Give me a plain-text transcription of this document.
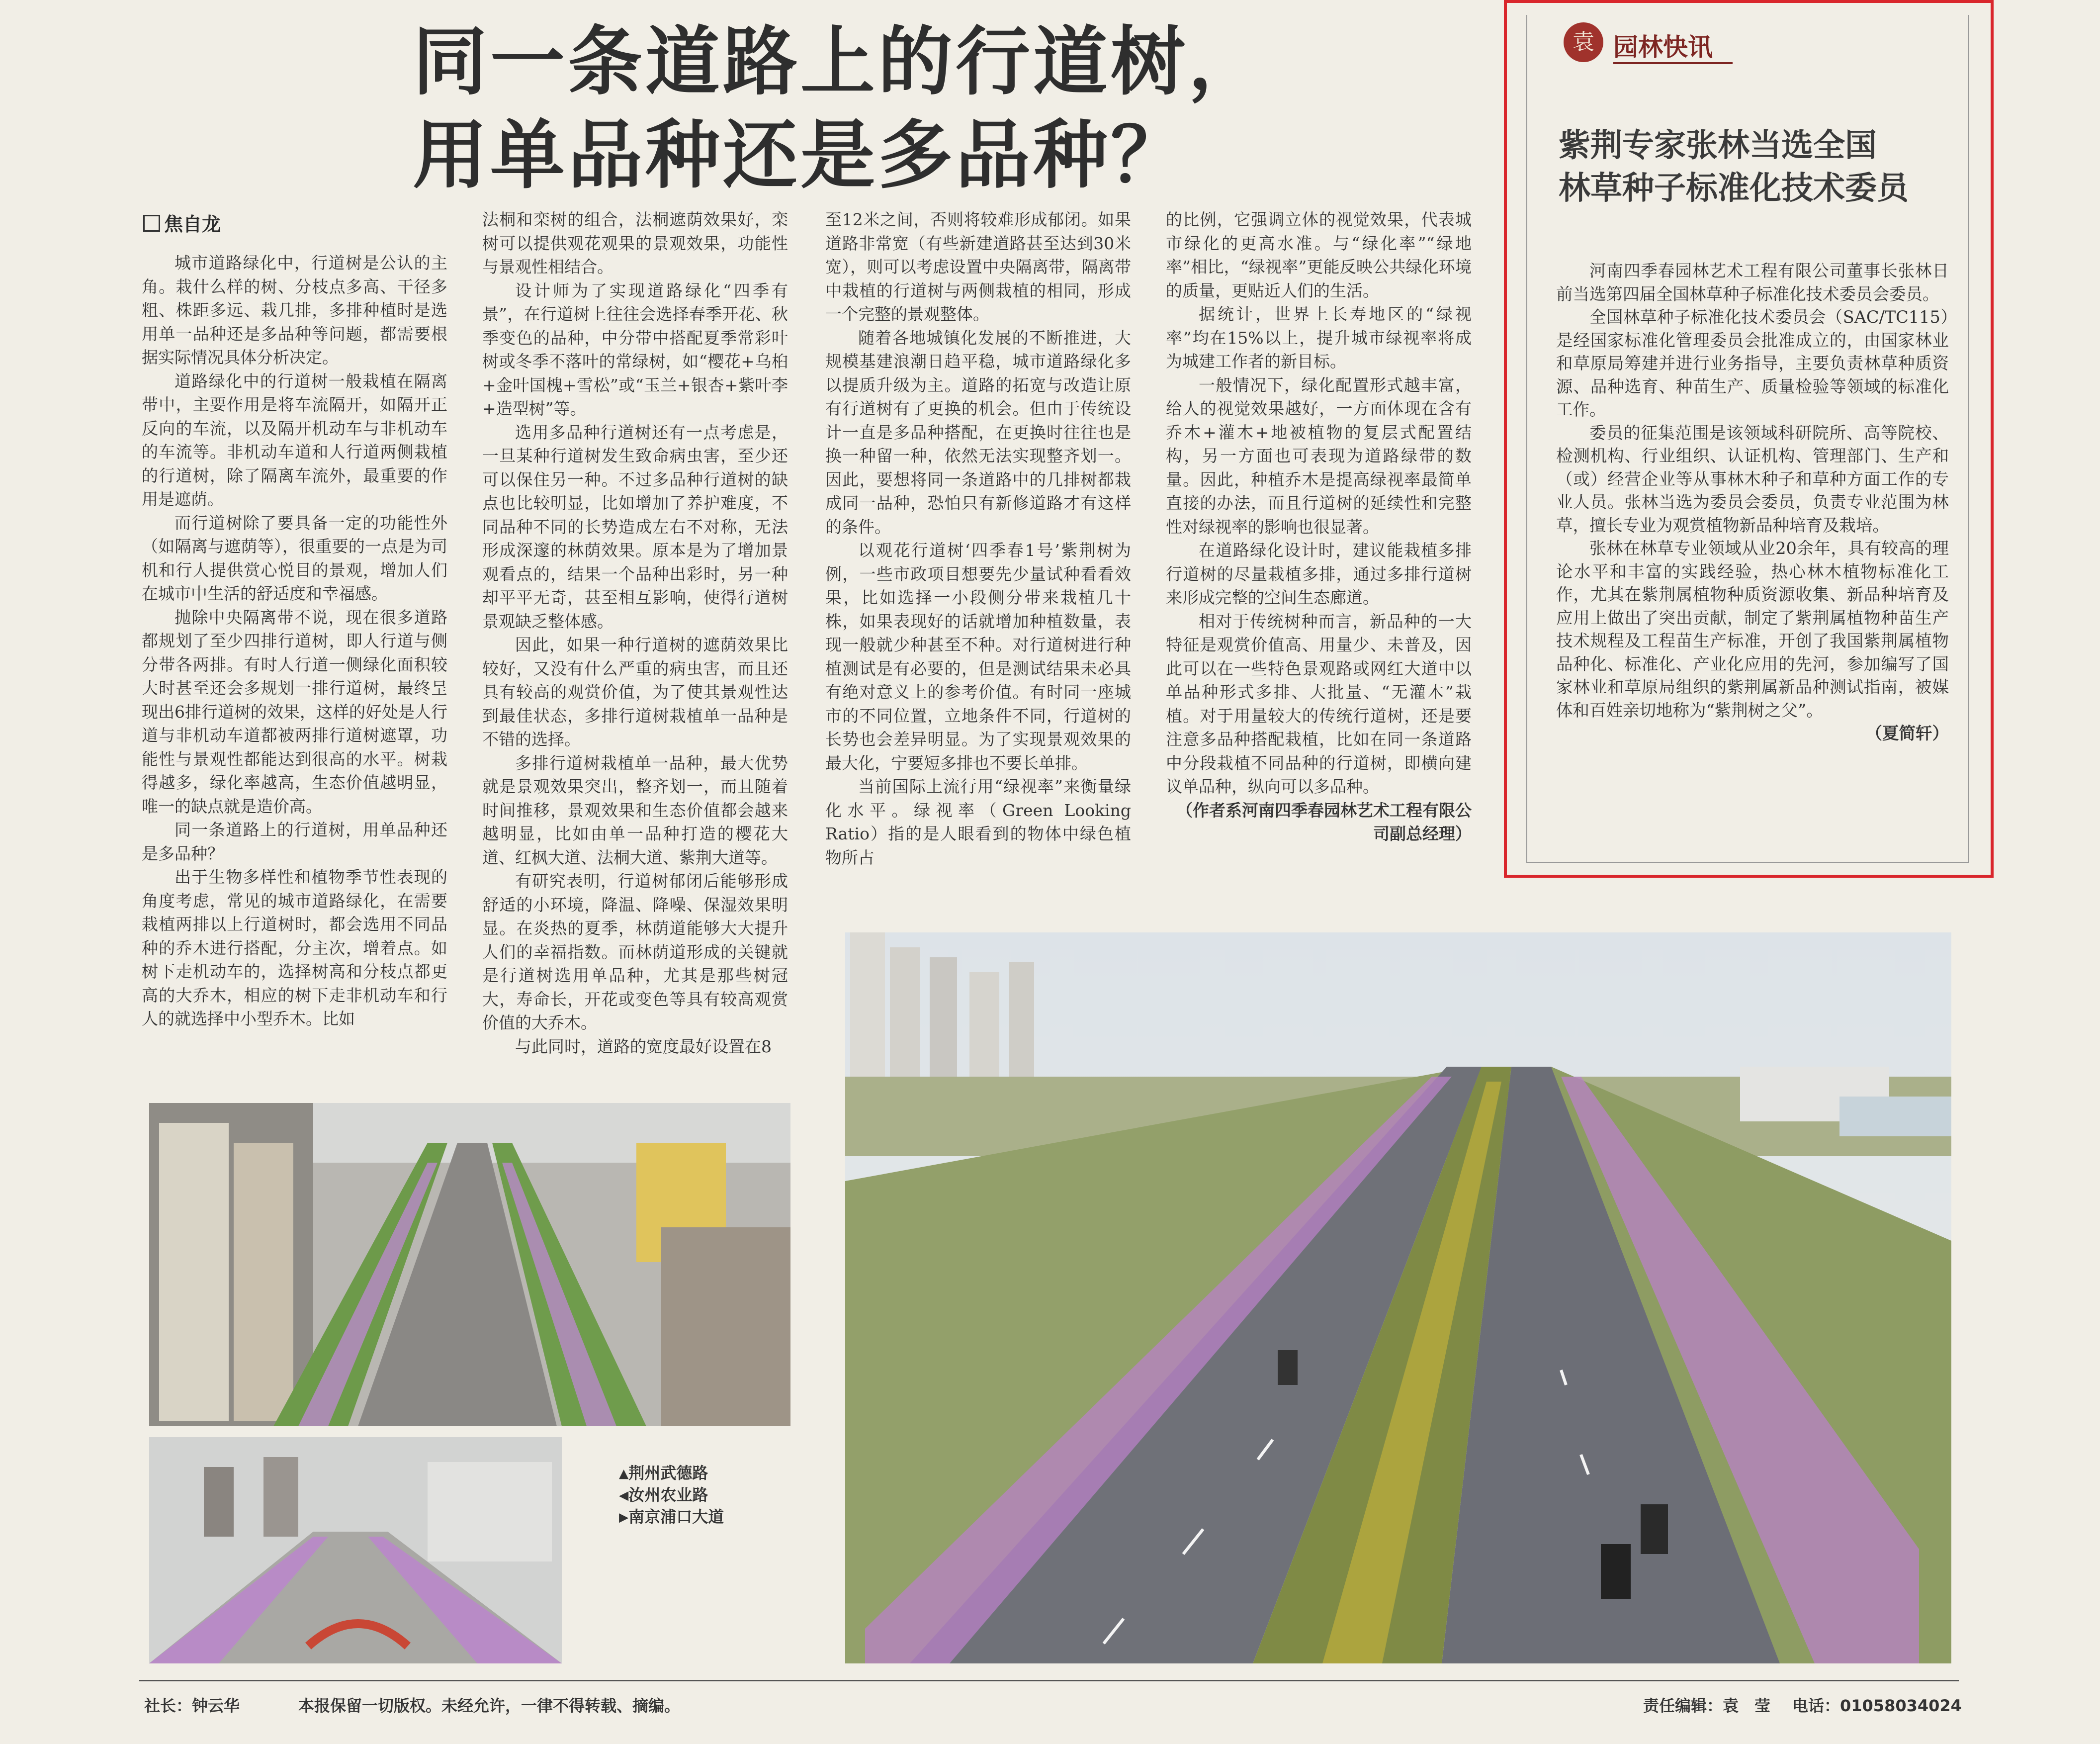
同一条道路上的行道树，
用单品种还是多品种？
焦自龙

城市道路绿化中，行道树是公认的主角。栽什么样的树、分枝点多高、干径多粗、株距多远、栽几排，多排种植时是选用单一品种还是多品种等问题，都需要根据实际情况具体分析决定。

道路绿化中的行道树一般栽植在隔离带中，主要作用是将车流隔开，如隔开正反向的车流，以及隔开机动车与非机动车的车流等。非机动车道和人行道两侧栽植的行道树，除了隔离车流外，最重要的作用是遮荫。

而行道树除了要具备一定的功能性外（如隔离与遮荫等），很重要的一点是为司机和行人提供赏心悦目的景观，增加人们在城市中生活的舒适度和幸福感。

抛除中央隔离带不说，现在很多道路都规划了至少四排行道树，即人行道与侧分带各两排。有时人行道一侧绿化面积较大时甚至还会多规划一排行道树，最终呈现出6排行道树的效果，这样的好处是人行道与非机动车道都被两排行道树遮罩，功能性与景观性都能达到很高的水平。树栽得越多，绿化率越高，生态价值越明显，唯一的缺点就是造价高。

同一条道路上的行道树，用单品种还是多品种？

出于生物多样性和植物季节性表现的角度考虑，常见的城市道路绿化，在需要栽植两排以上行道树时，都会选用不同品种的乔木进行搭配，分主次，增着点。如树下走机动车的，选择树高和分枝点都更高的大乔木，相应的树下走非机动车和行人的就选择中小型乔木。比如

法桐和栾树的组合，法桐遮荫效果好，栾树可以提供观花观果的景观效果，功能性与景观性相结合。

设计师为了实现道路绿化“四季有景”，在行道树上往往会选择春季开花、秋季变色的品种，中分带中搭配夏季常彩叶树或冬季不落叶的常绿树，如“樱花+乌桕+金叶国槐+雪松”或“玉兰+银杏+紫叶李+造型树”等。

选用多品种行道树还有一点考虑是，一旦某种行道树发生致命病虫害，至少还可以保住另一种。不过多品种行道树的缺点也比较明显，比如增加了养护难度，不同品种不同的长势造成左右不对称，无法形成深邃的林荫效果。原本是为了增加景观看点的，结果一个品种出彩时，另一种却平平无奇，甚至相互影响，使得行道树景观缺乏整体感。

因此，如果一种行道树的遮荫效果比较好，又没有什么严重的病虫害，而且还具有较高的观赏价值，为了使其景观性达到最佳状态，多排行道树栽植单一品种是不错的选择。

多排行道树栽植单一品种，最大优势就是景观效果突出，整齐划一，而且随着时间推移，景观效果和生态价值都会越来越明显，比如由单一品种打造的樱花大道、红枫大道、法桐大道、紫荆大道等。

有研究表明，行道树郁闭后能够形成舒适的小环境，降温、降噪、保湿效果明显。在炎热的夏季，林荫道能够大大提升人们的幸福指数。而林荫道形成的关键就是行道树选用单品种，尤其是那些树冠大，寿命长，开花或变色等具有较高观赏价值的大乔木。

与此同时，道路的宽度最好设置在8

至12米之间，否则将较难形成郁闭。如果道路非常宽（有些新建道路甚至达到30米宽），则可以考虑设置中央隔离带，隔离带中栽植的行道树与两侧栽植的相同，形成一个完整的景观整体。

随着各地城镇化发展的不断推进，大规模基建浪潮日趋平稳，城市道路绿化多以提质升级为主。道路的拓宽与改造让原有行道树有了更换的机会。但由于传统设计一直是多品种搭配，在更换时往往也是换一种留一种，依然无法实现整齐划一。因此，要想将同一条道路中的几排树都栽成同一品种，恐怕只有新修道路才有这样的条件。

以观花行道树‘四季春1号’紫荆树为例，一些市政项目想要先少量试种看看效果，比如选择一小段侧分带来栽植几十株，如果表现好的话就增加种植数量，表现一般就少种甚至不种。对行道树进行种植测试是有必要的，但是测试结果未必具有绝对意义上的参考价值。有时同一座城市的不同位置，立地条件不同，行道树的长势也会差异明显。为了实现景观效果的最大化，宁要短多排也不要长单排。

当前国际上流行用“绿视率”来衡量绿化水平。绿视率（Green Looking Ratio）指的是人眼看到的物体中绿色植物所占

的比例，它强调立体的视觉效果，代表城市绿化的更高水准。与“绿化率”“绿地率”相比，“绿视率”更能反映公共绿化环境的质量，更贴近人们的生活。

据统计，世界上长寿地区的“绿视率”均在15%以上，提升城市绿视率将成为城建工作者的新目标。

一般情况下，绿化配置形式越丰富，给人的视觉效果越好，一方面体现在含有乔木+灌木+地被植物的复层式配置结构，另一方面也可表现为道路绿带的数量。因此，种植乔木是提高绿视率最简单直接的办法，而且行道树的延续性和完整性对绿视率的影响也很显著。

在道路绿化设计时，建议能栽植多排行道树的尽量栽植多排，通过多排行道树来形成完整的空间生态廊道。

相对于传统树种而言，新品种的一大特征是观赏价值高、用量少、未普及，因此可以在一些特色景观路或网红大道中以单品种形式多排、大批量、“无灌木”栽植。对于用量较大的传统行道树，还是要注意多品种搭配栽植，比如在同一条道路中分段栽植不同品种的行道树，即横向建议单品种，纵向可以多品种。

（作者系河南四季春园林艺术工程有限公司副总经理）

袁 园林快讯
紫荆专家张林当选全国
林草种子标准化技术委员

河南四季春园林艺术工程有限公司董事长张林日前当选第四届全国林草种子标准化技术委员会委员。

全国林草种子标准化技术委员会（SAC/TC115）是经国家标准化管理委员会批准成立的，由国家林业和草原局筹建并进行业务指导，主要负责林草种质资源、品种选育、种苗生产、质量检验等领域的标准化工作。

委员的征集范围是该领域科研院所、高等院校、检测机构、行业组织、认证机构、管理部门、生产和（或）经营企业等从事林木种子和草种方面工作的专业人员。张林当选为委员会委员，负责专业范围为林草，擅长专业为观赏植物新品种培育及栽培。

张林在林草专业领域从业20余年，具有较高的理论水平和丰富的实践经验，热心林木植物标准化工作，尤其在紫荆属植物种质资源收集、新品种培育及应用上做出了突出贡献，制定了紫荆属植物种苗生产技术规程及工程苗生产标准，开创了我国紫荆属植物品种化、标准化、产业化应用的先河，参加编写了国家林业和草原局组织的紫荆属新品种测试指南，被媒体和百姓亲切地称为“紫荆树之父”。

（夏简轩）

▲荆州武德路
◀汝州农业路
▶南京浦口大道
社长：钟云华	本报保留一切版权。未经允许，一律不得转载、摘编。	责任编辑：袁　莹 电话：01058034024
